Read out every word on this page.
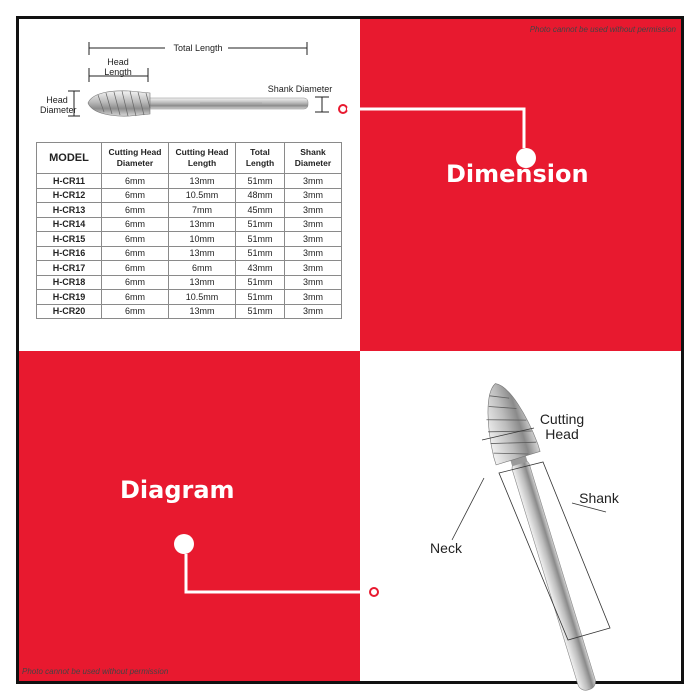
Photo cannot be used without permission
Photo cannot be used without permission
Total Length
Head Length
Head Diameter
Shank Diameter
MODEL	Cutting Head Diameter	Cutting Head Length	Total Length	Shank Diameter
H-CR11	6mm	13mm	51mm	3mm
H-CR12	6mm	10.5mm	48mm	3mm
H-CR13	6mm	7mm	45mm	3mm
H-CR14	6mm	13mm	51mm	3mm
H-CR15	6mm	10mm	51mm	3mm
H-CR16	6mm	13mm	51mm	3mm
H-CR17	6mm	6mm	43mm	3mm
H-CR18	6mm	13mm	51mm	3mm
H-CR19	6mm	10.5mm	51mm	3mm
H-CR20	6mm	13mm	51mm	3mm
Dimension
Diagram
Cutting Head
Neck
Shank
